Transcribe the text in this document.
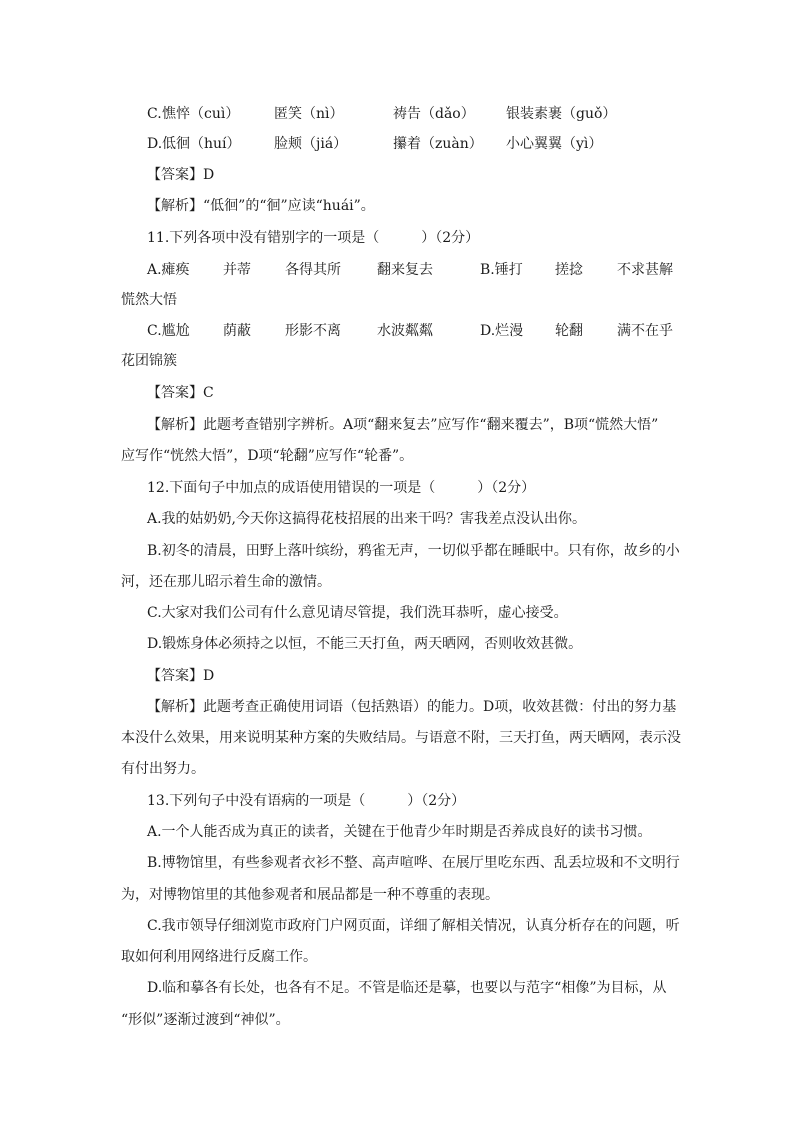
C. 憔悴（cuì） 匿笑（nì）	祷告（dǎo） 银装素裹（guǒ）
D. 低徊（huí） 脸颊（jiá）	攥着（zuàn） 小心翼翼（yì）
【答案】D
【解析】“低徊”的“徊”应读“huái”。
11.下列各项中没有错别字的一项是（　　　）（2分）
A.瘫痪 并蒂 各得其所	翻来复去	B.锤打 搓捻 不求甚解
慌然大悟
C.尴尬 荫蔽 形影不离	水波粼粼	D.烂漫 轮翻 满不在乎
花团锦簇
【答案】C
【解析】此题考查错别字辨析。A项“翻来复去”应写作“翻来覆去”，B项“慌然大悟”
应写作“恍然大悟”，D项“轮翻”应写作“轮番”。
12.下面句子中加点的成语使用错误的一项是（　　　）（2分）
A.我的姑奶奶,今天你这搞得花枝招展的出来干吗？害我差点没认出你。
B.初冬的清晨，田野上落叶缤纷，鸦雀无声，一切似乎都在睡眠中。只有你，故乡的小
河，还在那儿昭示着生命的激情。
C.大家对我们公司有什么意见请尽管提，我们洗耳恭听，虚心接受。
D.锻炼身体必须持之以恒，不能三天打鱼，两天晒网，否则收效甚微。
【答案】D
【解析】此题考查正确使用词语（包括熟语）的能力。D项，收效甚微：付出的努力基
本没什么效果，用来说明某种方案的失败结局。与语意不附，三天打鱼，两天晒网，表示没
有付出努力。
13.下列句子中没有语病的一项是（　　　）（2分）
A.一个人能否成为真正的读者，关键在于他青少年时期是否养成良好的读书习惯。
B.博物馆里，有些参观者衣衫不整、高声喧哗、在展厅里吃东西、乱丢垃圾和不文明行
为，对博物馆里的其他参观者和展品都是一种不尊重的表现。
C.我市领导仔细浏览市政府门户网页面，详细了解相关情况，认真分析存在的问题，听
取如何利用网络进行反腐工作。
D.临和摹各有长处，也各有不足。不管是临还是摹，也要以与范字“相像”为目标，从
“形似”逐渐过渡到“神似”。
